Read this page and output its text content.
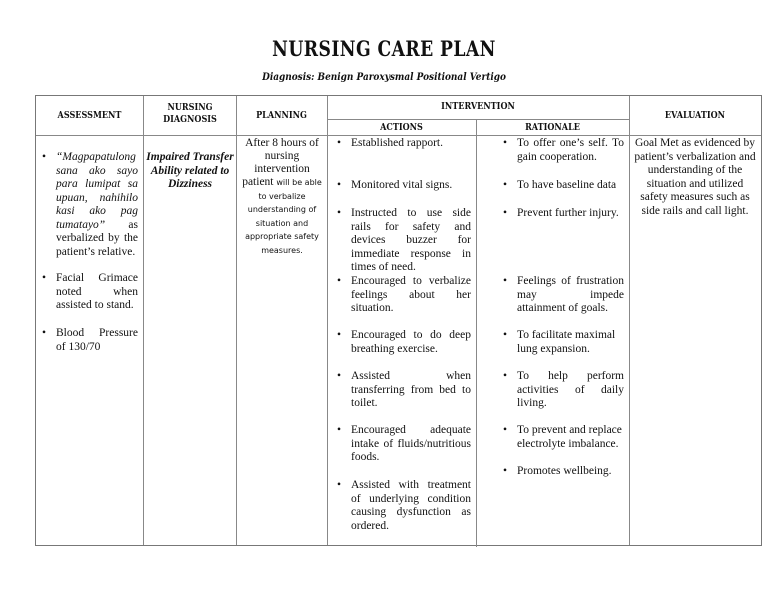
NURSING CARE PLAN
Diagnosis: Benign Paroxysmal Positional Vertigo
ASSESSMENT
NURSING DIAGNOSIS	PLANNING
INTERVENTION
ACTIONS	RATIONALE
EVALUATION
• “Magpapatulong sana ako sayo para lumipat sa upuan, nahihilo kasi ako pag tumatayo” as verbalized by the patient’s relative.
• Facial Grimace noted when assisted to stand.
• Blood Pressure of 130/70
Impaired Transfer Ability related to Dizziness
After 8 hours of nursing intervention patient will be able to verbalize understanding of situation and appropriate safety measures.
• Established rapport.
• Monitored vital signs.
• Instructed to use side rails for safety and devices buzzer for immediate response in times of need.
• Encouraged to verbalize feelings about her situation.
• Encouraged to do deep breathing exercise.
• Assisted when transferring from bed to toilet.
• Encouraged adequate intake of fluids/nutritious foods.
• Assisted with treatment of underlying condition causing dysfunction as ordered.
• To offer one’s self. To gain cooperation.
• To have baseline data
• Prevent further injury.
• Feelings of frustration may impede attainment of goals.
• To facilitate maximal lung expansion.
• To help perform activities of daily living.
• To prevent and replace electrolyte imbalance.
• Promotes wellbeing.
Goal Met as evidenced by patient’s verbalization and understanding of the situation and utilized safety measures such as side rails and call light.
